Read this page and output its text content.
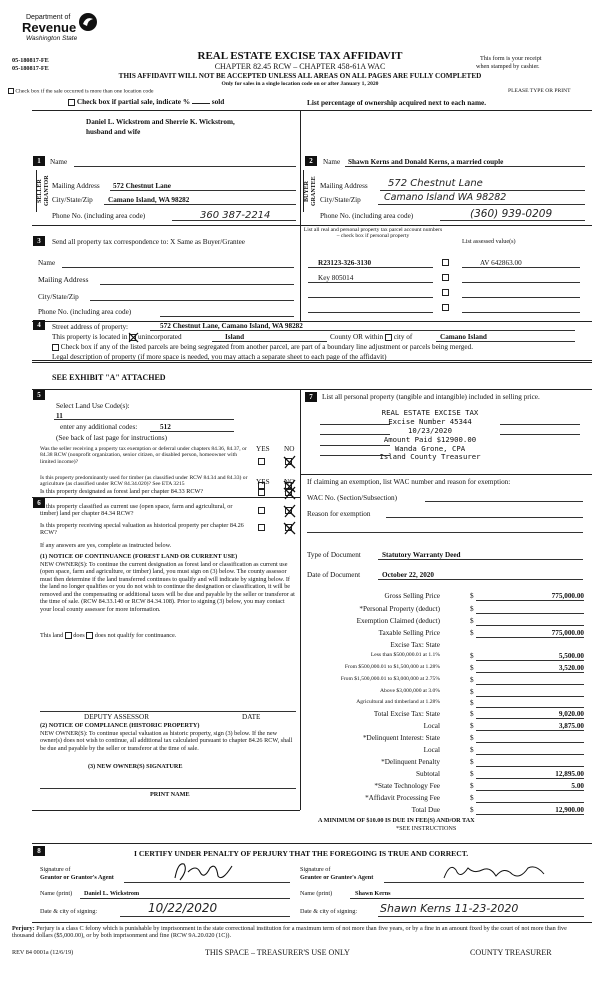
Department of
Revenue
Washington State
05-180817-FE
05-180817-FE
REAL ESTATE EXCISE TAX AFFIDAVIT
CHAPTER 82.45 RCW – CHAPTER 458-61A WAC
This form is your receipt
when stamped by cashier.
THIS AFFIDAVIT WILL NOT BE ACCEPTED UNLESS ALL AREAS ON ALL PAGES ARE FULLY COMPLETED
Only for sales in a single location code on or after January 1, 2020
PLEASE TYPE OR PRINT
Check box if the sale occurred is more than one location code
Check box if partial sale, indicate %	sold	List percentage of ownership acquired next to each name.
1
Daniel L. Wickstrom and Sherrie K. Wickstrom,
husband and wife
Name
SELLER GRANTOR Mailing Address 572 Chestnut Lane
City/State/Zip Camano Island, WA 98282
Phone No. (including area code)	360 387-2214
2	Name Shawn Kerns and Donald Kerns, a married couple
BUYER GRANTEE Mailing Address 572 Chestnut Lane
City/State/Zip Camano Island WA 98282
Phone No. (including area code)	(360) 939-0209
3	Send all property tax correspondence to: X Same as Buyer/Grantee
Name
Mailing Address
City/State/Zip
Phone No. (including area code)
List all real and personal property tax parcel account numbers – check box if personal property
List assessed value(s)
R23123-326-3130	AV 642863.00
Key 805014
4	Street address of property:	572 Chestnut Lane, Camano Island, WA 98282
This property is located in unincorporated	Island	County OR within city of	Camano Island
Check box if any of the listed parcels are being segregated from another parcel, are part of a boundary line adjustment or parcels being merged.
Legal description of property (if more space is needed, you may attach a separate sheet to each page of the affidavit)
SEE EXHIBIT "A" ATTACHED
5
Select Land Use Code(s):
11
enter any additional codes:	512
(See back of last page for instructions)
YES NO
Was the seller receiving a property tax exemption or deferral under chapters 84.36, 84.37, or 84.38 RCW (nonprofit organization, senior citizen, or disabled person, homeowner with limited income)?
Is this property predominantly used for timber (as classified under RCW 84.34 and 84.33) or agriculture (as classified under RCW 84.34.020)? See ETA 3215
6
YES NO
Is this property designated as forest land per chapter 84.33 RCW?
Is this property classified as current use (open space, farm and agricultural, or timber) land per chapter 84.34 RCW?
Is this property receiving special valuation as historical property per chapter 84.26 RCW?
If any answers are yes, complete as instructed below.
(1) NOTICE OF CONTINUANCE (FOREST LAND OR CURRENT USE)
NEW OWNER(S): To continue the current designation as forest land or classification as current use (open space, farm and agriculture, or timber) land, you must sign on (3) below. The county assessor must then determine if the land transferred continues to qualify and will indicate by signing below. If the land no longer qualifies or you do not wish to continue the designation or classification, it will be removed and the compensating or additional taxes will be due and payable by the seller or transferor at the time of sale. (RCW 84.33.140 or RCW 84.34.108). Prior to signing (3) below, you may contact your local county assessor for more information.
This land does does not qualify for continuance.
DEPUTY ASSESSOR	DATE
(2) NOTICE OF COMPLIANCE (HISTORIC PROPERTY)
NEW OWNER(S): To continue special valuation as historic property, sign (3) below. If the new owner(s) does not wish to continue, all additional tax calculated pursuant to chapter 84.26 RCW, shall be due and payable by the seller or transferor at the time of sale.
(3) NEW OWNER(S) SIGNATURE
PRINT NAME
7	List all personal property (tangible and intangible) included in selling price.
REAL ESTATE EXCISE TAX
Excise Number 45344
10/23/2020
Amount Paid $12900.00
Wanda Grone, CPA
Island County Treasurer
If claiming an exemption, list WAC number and reason for exemption:
WAC No. (Section/Subsection)
Reason for exemption
Type of Document	Statutory Warranty Deed
Date of Document	October 22, 2020
Gross Selling Price	$	775,000.00
*Personal Property (deduct)	$
Exemption Claimed (deduct)	$
Taxable Selling Price	$	775,000.00
Excise Tax: State
Less than $500,000.01 at 1.1%	$	5,500.00
From $500,000.01 to $1,500,000 at 1.28%	$	3,520.00
From $1,500,000.01 to $3,000,000 at 2.75%	$
Above $3,000,000 at 3.0%	$
Agricultural and timberland at 1.28%	$
Total Excise Tax: State	$	9,020.00
Local	$	3,875.00
*Delinquent Interest: State	$
Local	$
*Delinquent Penalty	$
Subtotal	$	12,895.00
*State Technology Fee	$	5.00
*Affidavit Processing Fee	$
Total Due	$	12,900.00
A MINIMUM OF $10.00 IS DUE IN FEE(S) AND/OR TAX
*SEE INSTRUCTIONS
8	I CERTIFY UNDER PENALTY OF PERJURY THAT THE FOREGOING IS TRUE AND CORRECT.
Signature of
Grantor or Grantor's Agent
Signature of
Grantee or Grantee's Agent
Name (print) Daniel L. Wickstrom	Name (print)	Shawn Kerns
Date & city of signing:	10/22/2020	Date & city of signing: Shawn Kerns 11-23-2020
Perjury: Perjury is a class C felony which is punishable by imprisonment in the state correctional institution for a maximum term of not more than five years, or by a fine in an amount fixed by the court of not more than five thousand dollars ($5,000.00), or by both imprisonment and fine (RCW 9A.20.020 (1C)).
REV 84 0001a (12/6/19)	THIS SPACE – TREASURER'S USE ONLY	COUNTY TREASURER
